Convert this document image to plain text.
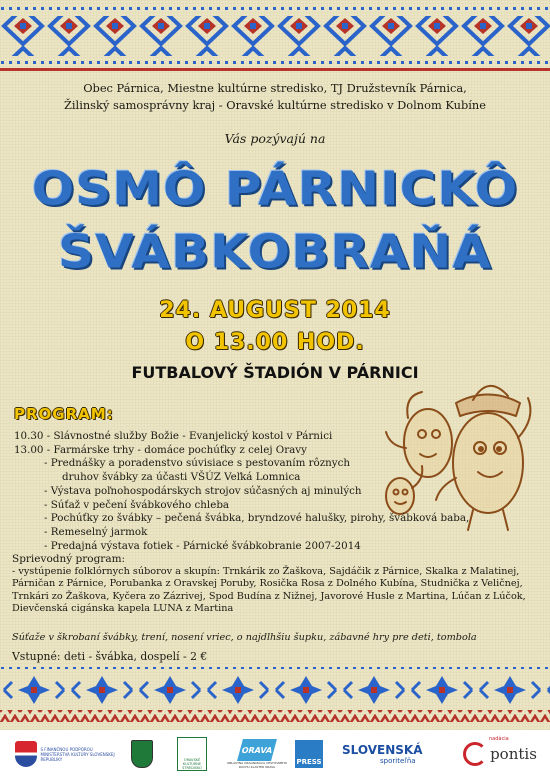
Obec Párnica, Miestne kultúrne stredisko, TJ Družstevník Párnica,
Žilinský samosprávny kraj - Oravské kultúrne stredisko v Dolnom Kubíne
Vás pozývajú na
OSMÔ PÁRNICKÔ
ŠVÁBKOBRAŇÁ
24. AUGUST 2014
O 13.00 HOD.
FUTBALOVÝ ŠTADIÓN V PÁRNICI
PROGRAM:
10.30 - Slávnostné služby Božie - Evanjelický kostol v Párnici
13.00 - Farmárske trhy - domáce pochúťky z celej Oravy
- Prednášky a poradenstvo súvisiace s pestovaním rôznych
druhov švábky za účasti VŠÚZ Veľká Lomnica
- Výstava poľnohospodárskych strojov súčasných aj minulých
- Súťaž v pečení švábkového chleba
- Pochúťky zo švábky – pečená švábka, bryndzové halušky, pirohy, švábková baba,
- Remeselný jarmok
- Predajná výstava fotiek - Párnické švábkobranie 2007-2014
Sprievodný program:
- vystúpenie folklórnych súborov a skupín: Trnkárik zo Žaškova, Sajdáčik z Párnice, Skalka z Malatinej,
Párničan z Párnice, Porubanka z Oravskej Poruby, Rosička Rosa z Dolného Kubína, Studnička z Veličnej,
Trnkári zo Žaškova, Kyčera zo Zázrivej, Spod Budína z Nižnej, Javorové Husle z Martina, Lúčan z Lúčok,
Dievčenská cigánska kapela LUNA z Martina
Súťaže v škrobaní švábky, trení, nosení vriec, o najdlhšiu šupku, zábavné hry pre deti, tombola
Vstupné: deti - švábka, dospelí - 2 €
S FINANČNOU PODPOROU MINISTERSTVA KULTÚRY SLOVENSKEJ REPUBLIKY	ORAVSKÉ KULTÚRNE STREDISKO
ORAVA
OBLASTNÁ ORGANIZÁCIA CESTOVNÉHO RUCHU KLASTER ORAVA
PRESS
SLOVENSKÁ
sporiteľňa
nadácia
pontis
